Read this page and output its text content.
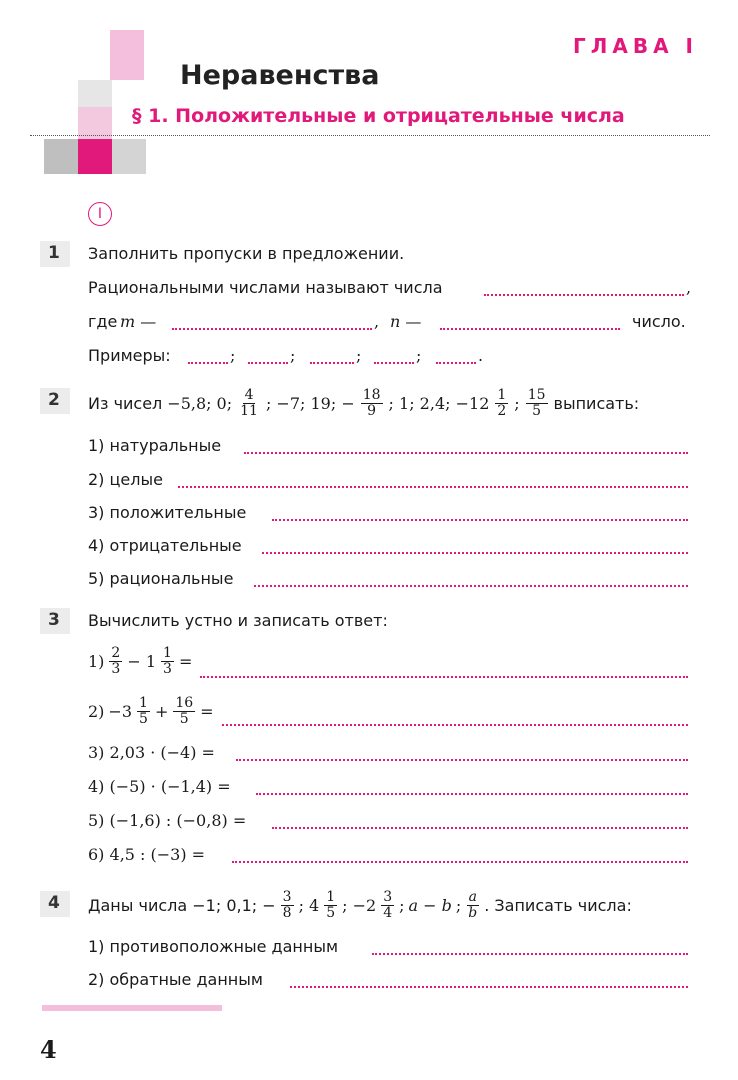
ГЛАВА I
Неравенства
§ 1. Положительные и отрицательные числа
I
1 Заполнить пропуски в предложении.
Рациональными числами называют числа	,
где m —	, n —	число.
Примеры:	;	;	;	;	.
2 Из чисел −5,8; 0; $\frac{4}{11}$ ; −7; 19; − $\frac{18}{9}$ ; 1; 2,4; $-12 \frac{1}{2}$ ; $\frac{15}{5}$ выписать:
1) натуральные
2) целые
3) положительные
4) отрицательные
5) рациональные
3 Вычислить устно и записать ответ:
$1) \frac{2}{3} - 1 \frac{1}{3}$ =
$2) -3 \frac{1}{5} + \frac{16}{5}$ =
3) 2,03 · (−4) =
4) (−5) · (−1,4) =
5) (−1,6) : (−0,8) =
6) 4,5 : (−3) =
4 Даны числа −1; 0,1; − $\frac{3}{8}$ ; $4 \frac{1}{5}$ ; $-2 \frac{3}{4}$ ; a − b ; $\frac{a}{b}$ . Записать числа:
1) противоположные данным
2) обратные данным
4
